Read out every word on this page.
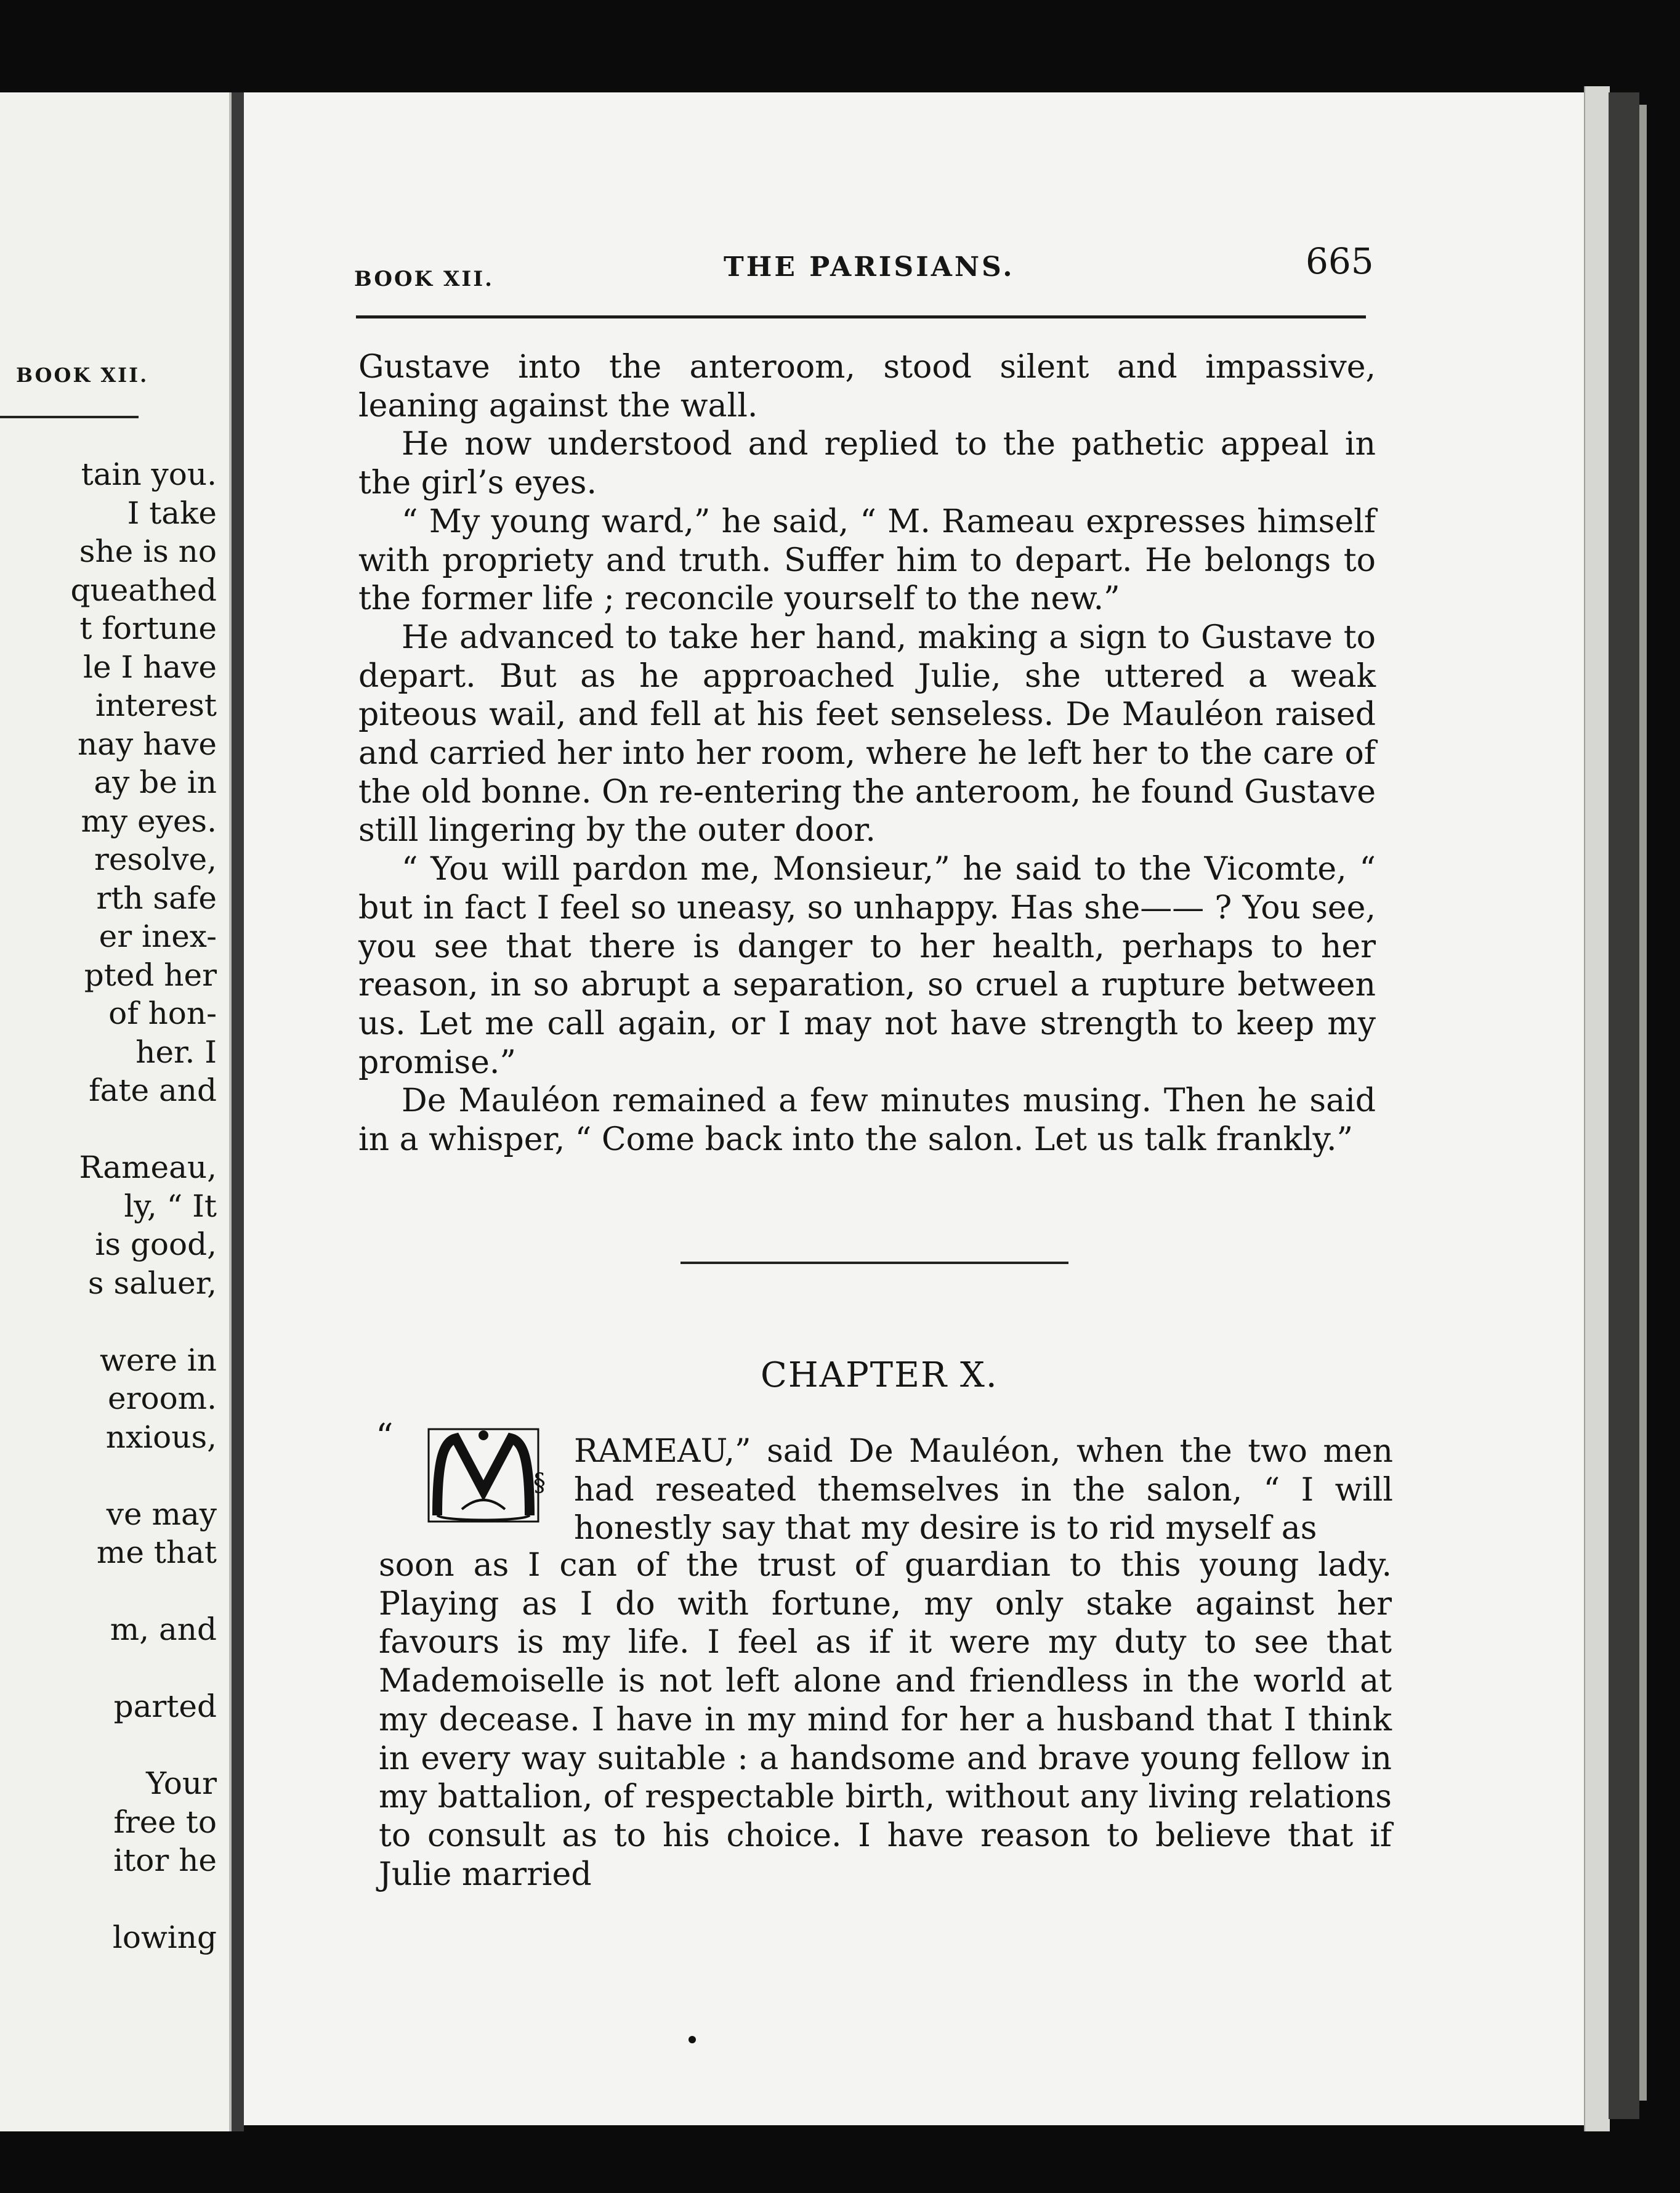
BOOK XII.
tain you.
I take
she is no
queathed
t fortune
le I have
interest
nay have
ay be in
my eyes.
resolve,
rth safe
er inex-
pted her
of hon-
her. I
fate and
Rameau,
ly, “ It
is good,
s saluer,
were in
eroom.
nxious,
ve may
me that
m, and
parted
Your
free to
itor he
lowing
BOOK XII.	THE PARISIANS.	665

Gustave into the anteroom, stood silent and impassive, leaning against the wall.

He now understood and replied to the pathetic appeal in the girl’s eyes.

“ My young ward,” he said, “ M. Rameau expresses himself with propriety and truth. Suffer him to depart. He belongs to the former life ; reconcile yourself to the new.”

He advanced to take her hand, making a sign to Gustave to depart. But as he approached Julie, she uttered a weak piteous wail, and fell at his feet senseless. De Mauléon raised and carried her into her room, where he left her to the care of the old bonne. On re-entering the anteroom, he found Gustave still lingering by the outer door.

“ You will pardon me, Monsieur,” he said to the Vicomte, “ but in fact I feel so uneasy, so unhappy. Has she—— ? You see, you see that there is danger to her health, perhaps to her reason, in so abrupt a separation, so cruel a rupture between us. Let me call again, or I may not have strength to keep my promise.”

De Mauléon remained a few minutes musing. Then he said in a whisper, “ Come back into the salon. Let us talk frankly.”

CHAPTER X.
“
§

RAMEAU,” said De Mauléon, when the two men had reseated themselves in the salon, “ I will honestly say that my desire is to rid myself as

soon as I can of the trust of guardian to this young lady. Playing as I do with fortune, my only stake against her favours is my life. I feel as if it were my duty to see that Mademoiselle is not left alone and friendless in the world at my decease. I have in my mind for her a husband that I think in every way suitable : a handsome and brave young fellow in my battalion, of respectable birth, without any living relations to consult as to his choice. I have reason to believe that if Julie married
